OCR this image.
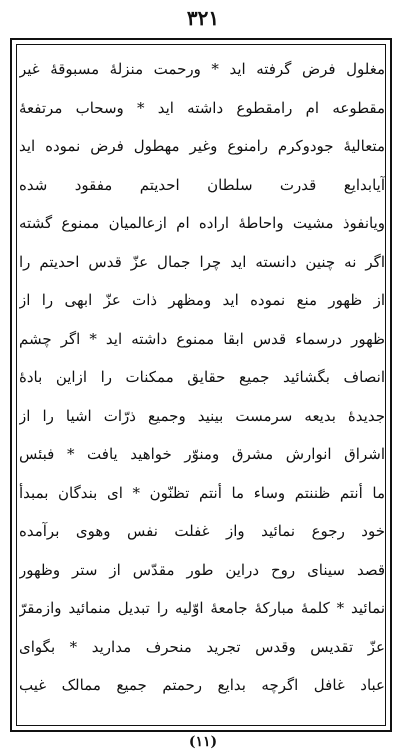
۳۲۱
مغلول فرض گرفته اید * ورحمت منزلهٔ مسبوقهٔ غیر
مقطوعه ام رامقطوع داشته اید * وسحاب مرتفعهٔ
متعالیهٔ جودوکرم رامنوع وغیر مهطول فرض نموده اید
آیابدایع قدرت سلطان احدیتم مفقود شده
ویانفوذ مشیت واحاطهٔ اراده ام ازعالمیان ممنوع گشته
اگر نه چنین دانسته اید چرا جمال عزّ قدس احدیتم را
از ظهور منع نموده اید ومظهر ذات عزّ ابهی را از
ظهور درسماء قدس ابقا ممنوع داشته اید * اگر چشم
انصاف بگشائید جمیع حقایق ممکنات را ازاین بادهٔ
جدیدهٔ بدیعه سرمست بینید وجمیع ذرّات اشیا را از
اشراق انوارش مشرق ومنوّر خواهید یافت * فبئس
ما أنتم ظننتم وساء ما أنتم تظنّون * ای بندگان بمبدأ
خود رجوع نمائید واز غفلت نفس وهوی برآمده
قصد سینای روح دراین طور مقدّس از ستر وظهور
نمائید * کلمهٔ مبارکهٔ جامعهٔ اوّلیه را تبدیل منمائید وازمقرّ
عزّ تقدیس وقدس تجرید منحرف مدارید * بگوای
عباد غافل اگرچه بدایع رحمتم جمیع ممالک غیب
(۱۱)
